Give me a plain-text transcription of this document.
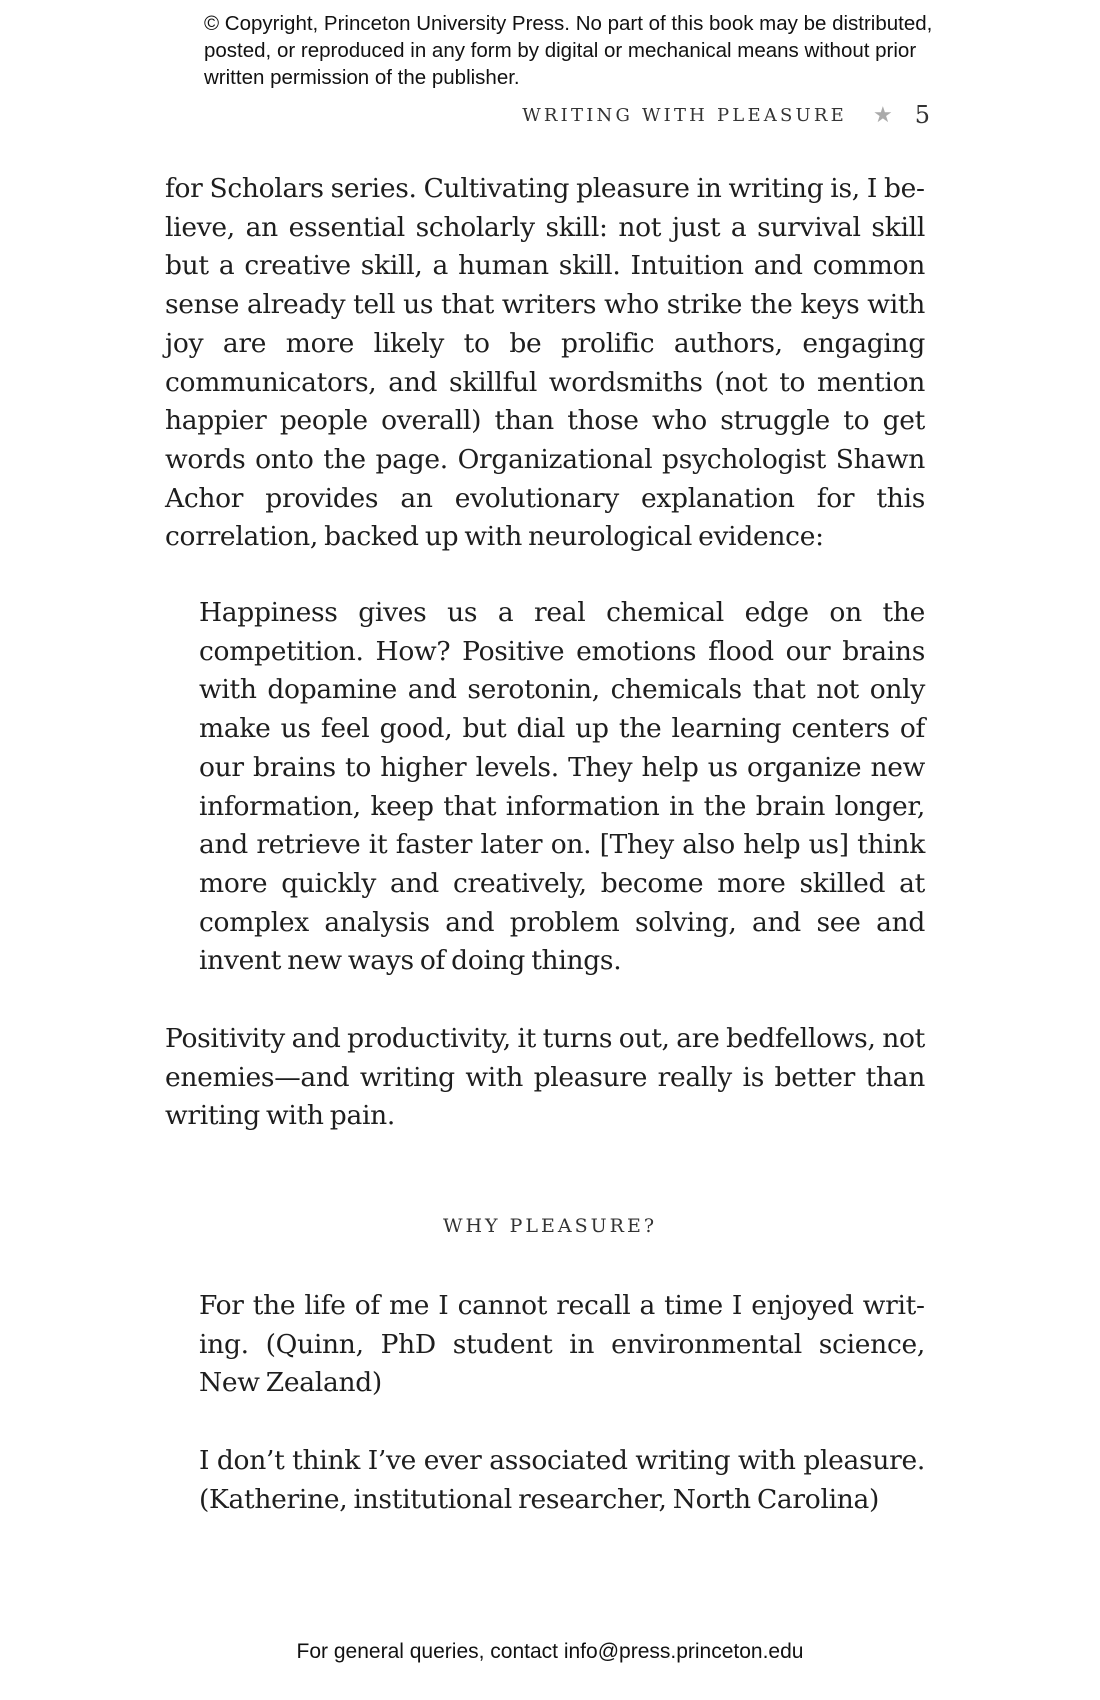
© Copyright, Princeton University Press. No part of this book may be distributed, posted, or reproduced in any form by digital or mechanical means without prior written permission of the publisher.
WRITING WITH PLEASURE ★ 5
for Scholars series. Cultivating pleasure in writing is, I believe, an essential scholarly skill: not just a survival skill but a creative skill, a human skill. Intuition and common sense already tell us that writers who strike the keys with joy are more likely to be prolific authors, engaging communicators, and skillful wordsmiths (not to mention happier people overall) than those who struggle to get words onto the page. Organizational psychologist Shawn Achor provides an evolutionary explanation for this correlation, backed up with neurological evidence:
Happiness gives us a real chemical edge on the competition. How? Positive emotions flood our brains with dopamine and serotonin, chemicals that not only make us feel good, but dial up the learning centers of our brains to higher levels. They help us organize new information, keep that information in the brain longer, and retrieve it faster later on. [They also help us] think more quickly and creatively, become more skilled at complex analysis and problem solving, and see and invent new ways of doing things.
Positivity and productivity, it turns out, are bedfellows, not enemies—and writing with pleasure really is better than writing with pain.
WHY PLEASURE?
For the life of me I cannot recall a time I enjoyed writing. (Quinn, PhD student in environmental science, New Zealand)
I don’t think I’ve ever associated writing with pleasure. (Katherine, institutional researcher, North Carolina)
For general queries, contact info@press.princeton.edu
